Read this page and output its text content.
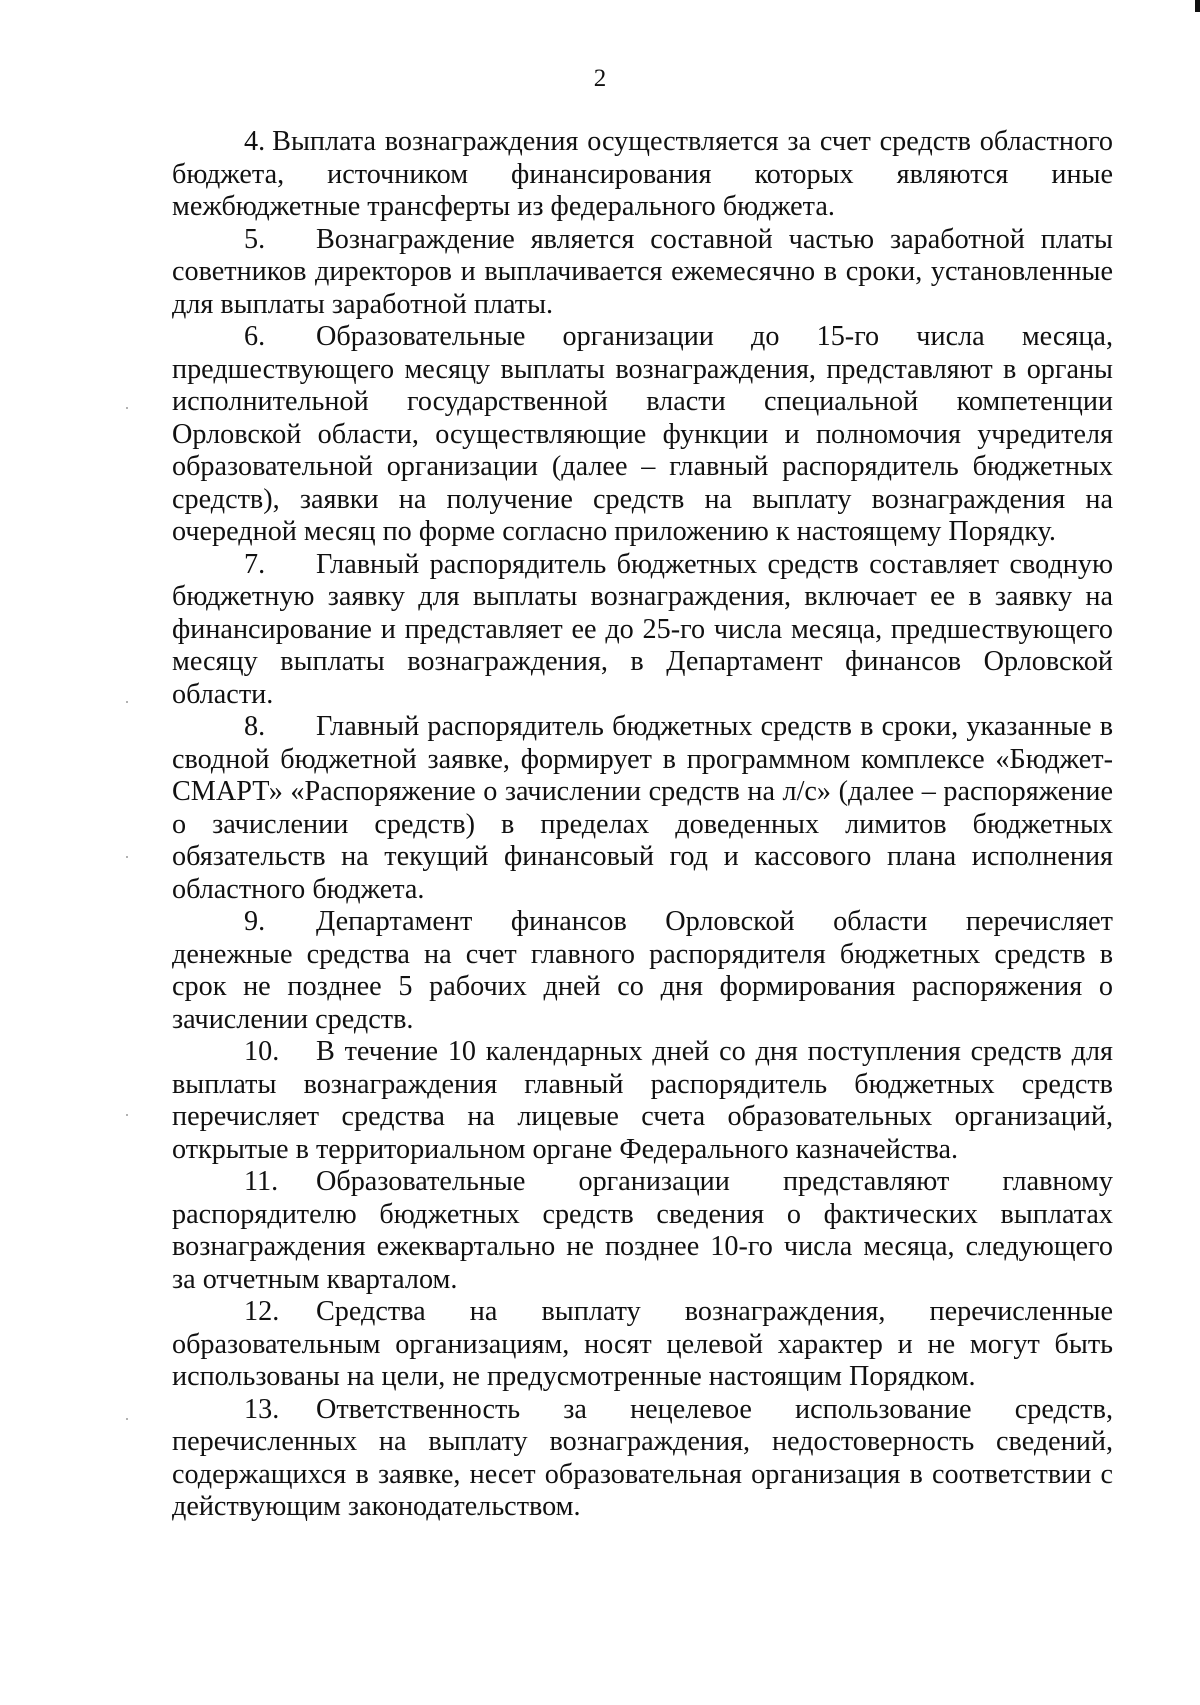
2

4. Выплата вознаграждения осуществляется за счет средств областного бюджета, источником финансирования которых являются иные межбюджетные трансферты из федерального бюджета.

5. Вознаграждение является составной частью заработной платы советников директоров и выплачивается ежемесячно в сроки, установленные для выплаты заработной платы.

6. Образовательные организации до 15-го числа месяца, предшествующего месяцу выплаты вознаграждения, представляют в органы исполнительной государственной власти специальной компетенции Орловской области, осуществляющие функции и полномочия учредителя образовательной организации (далее – главный распорядитель бюджетных средств), заявки на получение средств на выплату вознаграждения на очередной месяц по форме согласно приложению к настоящему Порядку.

7. Главный распорядитель бюджетных средств составляет сводную бюджетную заявку для выплаты вознаграждения, включает ее в заявку на финансирование и представляет ее до 25-го числа месяца, предшествующего месяцу выплаты вознаграждения, в Департамент финансов Орловской области.

8. Главный распорядитель бюджетных средств в сроки, указанные в сводной бюджетной заявке, формирует в программном комплексе «Бюджет-СМАРТ» «Распоряжение о зачислении средств на л/с» (далее – распоряжение о зачислении средств) в пределах доведенных лимитов бюджетных обязательств на текущий финансовый год и кассового плана исполнения областного бюджета.

9. Департамент финансов Орловской области перечисляет денежные средства на счет главного распорядителя бюджетных средств в срок не позднее 5 рабочих дней со дня формирования распоряжения о зачислении средств.

10. В течение 10 календарных дней со дня поступления средств для выплаты вознаграждения главный распорядитель бюджетных средств перечисляет средства на лицевые счета образовательных организаций, открытые в территориальном органе Федерального казначейства.

11. Образовательные организации представляют главному распорядителю бюджетных средств сведения о фактических выплатах вознаграждения ежеквартально не позднее 10-го числа месяца, следующего за отчетным кварталом.

12. Средства на выплату вознаграждения, перечисленные образовательным организациям, носят целевой характер и не могут быть использованы на цели, не предусмотренные настоящим Порядком.

13. Ответственность за нецелевое использование средств, перечисленных на выплату вознаграждения, недостоверность сведений, содержащихся в заявке, несет образовательная организация в соответствии с действующим законодательством.
